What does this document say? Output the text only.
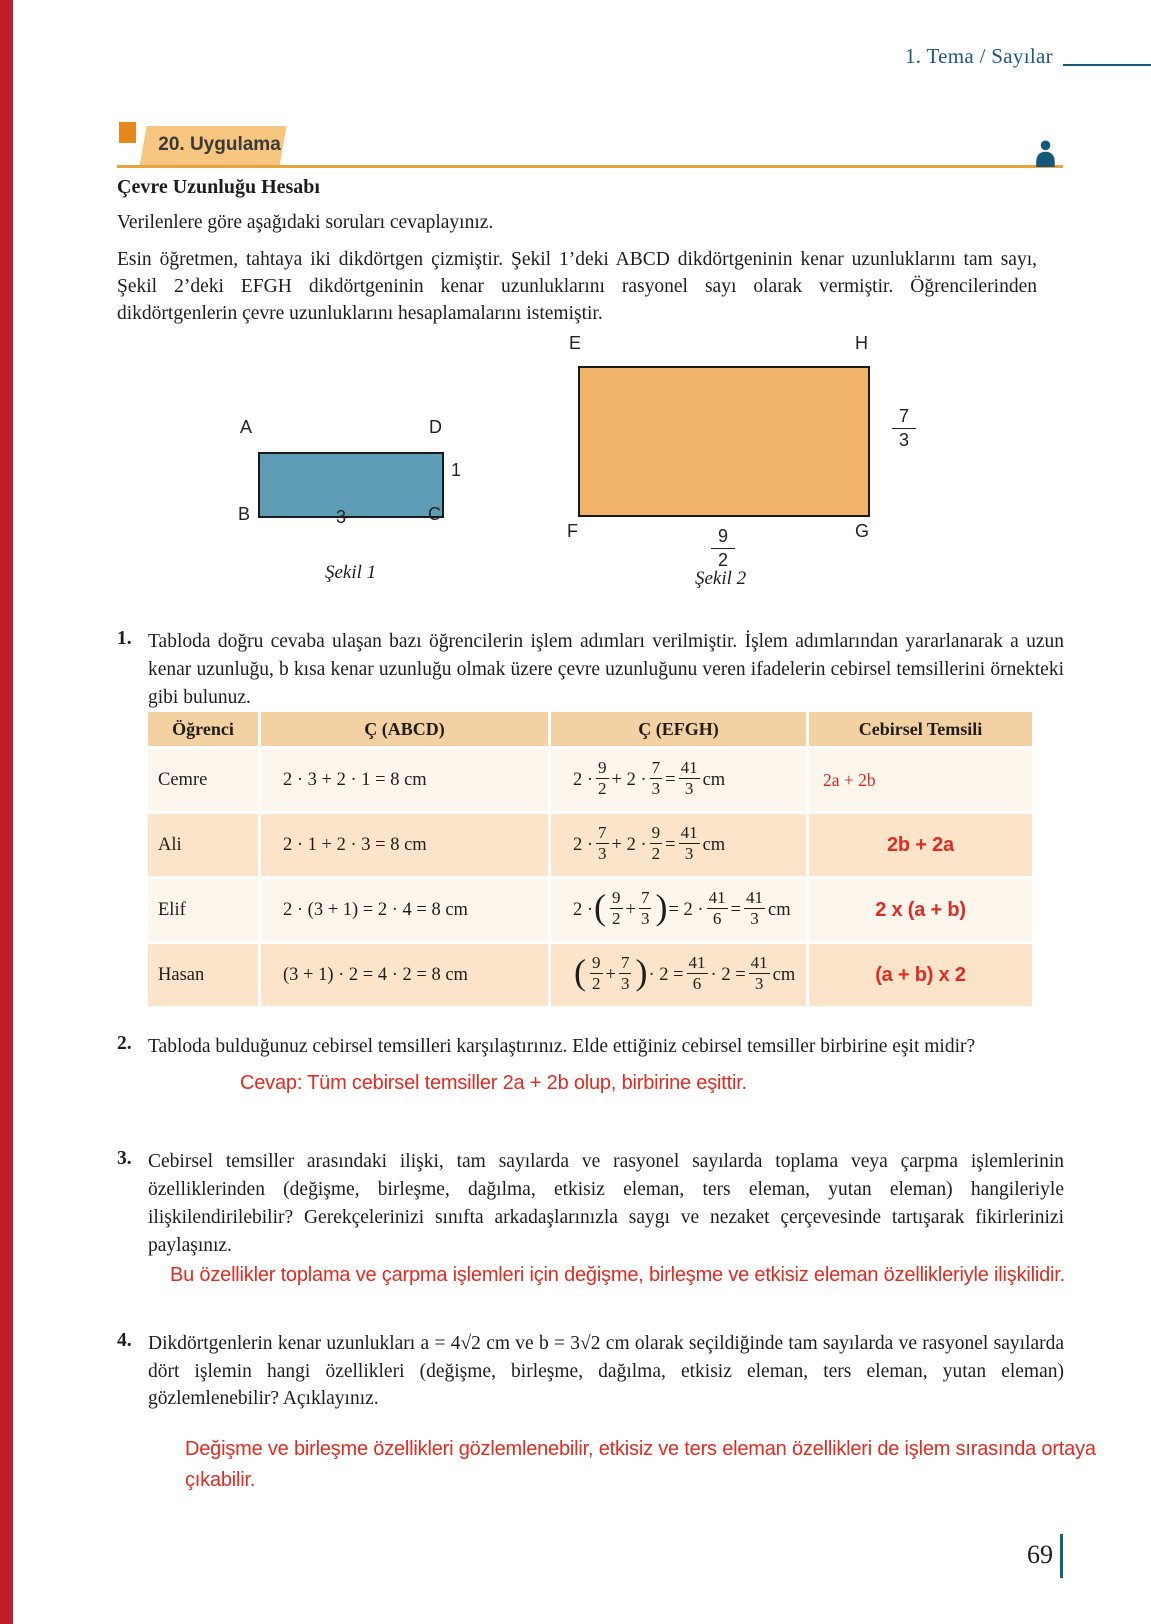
1. Tema / Sayılar
20. Uygulama
Çevre Uzunluğu Hesabı

Verilenlere göre aşağıdaki soruları cevaplayınız.

Esin öğretmen, tahtaya iki dikdörtgen çizmiştir. Şekil 1’deki ABCD dikdörtgeninin kenar uzunluklarını tam sayı, Şekil 2’deki EFGH dikdörtgeninin kenar uzunluklarını rasyonel sayı olarak vermiştir. Öğrencilerinden dikdörtgenlerin çevre uzunluklarını hesaplamalarını istemiştir.

A	D
B	C
3
1
Şekil 1
E	H
F	G
$\frac{9}{2}$
$\frac{7}{3}$
Şekil 2
1. Tabloda doğru cevaba ulaşan bazı öğrencilerin işlem adımları verilmiştir. İşlem adımlarından yararlanarak a uzun kenar uzunluğu, b kısa kenar uzunluğu olmak üzere çevre uzunluğunu veren ifadelerin cebirsel temsillerini örnekteki gibi bulunuz.

Öğrenci	Ç (ABCD)	Ç (EFGH)	Cebirsel Temsili
Cemre	2 · 3 + 2 · 1 = 8 cm	$2 \cdot \frac{9}{2} + 2 \cdot \frac{7}{3} = \frac{41}{3}$ cm	2a + 2b
Ali	2 · 1 + 2 · 3 = 8 cm	$2 \cdot \frac{7}{3} + 2 \cdot \frac{9}{2} = \frac{41}{3}$ cm	2b + 2a
Elif	2 · (3 + 1) = 2 · 4 = 8 cm	2 · ( $\frac{9}{2} + \frac{7}{3}$ ) = $2 \cdot \frac{41}{6} = \frac{41}{3}$ cm	2 x (a + b)
Hasan	(3 + 1) · 2 = 4 · 2 = 8 cm	( $\frac{9}{2} + \frac{7}{3}$ ) · $2 = \frac{41}{6} \cdot 2 = \frac{41}{3}$ cm	(a + b) x 2
2. Tabloda bulduğunuz cebirsel temsilleri karşılaştırınız. Elde ettiğiniz cebirsel temsiller birbirine eşit midir?

Cevap: Tüm cebirsel temsiller 2a + 2b olup, birbirine eşittir.
3. Cebirsel temsiller arasındaki ilişki, tam sayılarda ve rasyonel sayılarda toplama veya çarpma işlemlerinin özelliklerinden (değişme, birleşme, dağılma, etkisiz eleman, ters eleman, yutan eleman) hangileriyle ilişkilendirilebilir? Gerekçelerinizi sınıfta arkadaşlarınızla saygı ve nezaket çerçevesinde tartışarak fikirlerinizi paylaşınız.

Bu özellikler toplama ve çarpma işlemleri için değişme, birleşme ve etkisiz eleman özellikleriyle ilişkilidir.
4. Dikdörtgenlerin kenar uzunlukları a = 4√2 cm ve b = 3√2 cm olarak seçildiğinde tam sayılarda ve rasyonel sayılarda dört işlemin hangi özellikleri (değişme, birleşme, dağılma, etkisiz eleman, ters eleman, yutan eleman) gözlemlenebilir? Açıklayınız.

Değişme ve birleşme özellikleri gözlemlenebilir, etkisiz ve ters eleman özellikleri de işlem sırasında ortaya çıkabilir.
69
